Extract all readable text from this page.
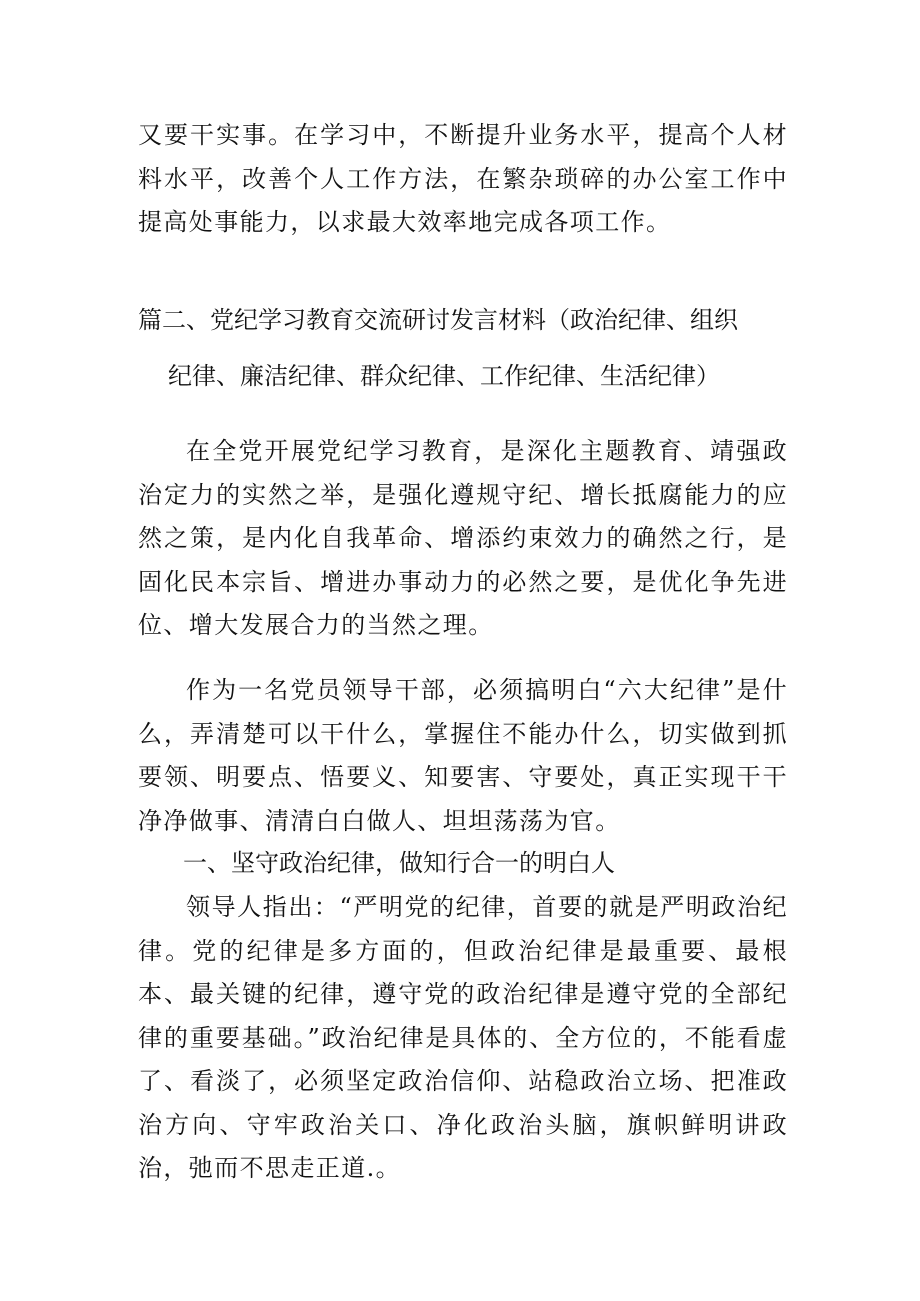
又要干实事。在学习中，不断提升业务水平，提高个人材料水平，改善个人工作方法，在繁杂琐碎的办公室工作中提高处事能力，以求最大效率地完成各项工作。

篇二、党纪学习教育交流研讨发言材料（政治纪律、组织
纪律、廉洁纪律、群众纪律、工作纪律、生活纪律）

在全党开展党纪学习教育，是深化主题教育、靖强政治定力的实然之举，是强化遵规守纪、增长抵腐能力的应然之策，是内化自我革命、增添约束效力的确然之行，是固化民本宗旨、增进办事动力的必然之要，是优化争先进位、增大发展合力的当然之理。

作为一名党员领导干部，必须搞明白“六大纪律”是什么，弄清楚可以干什么，掌握住不能办什么，切实做到抓要领、明要点、悟要义、知要害、守要处，真正实现干干净净做事、清清白白做人、坦坦荡荡为官。

一、坚守政治纪律，做知行合一的明白人

领导人指出：“严明党的纪律，首要的就是严明政治纪律。党的纪律是多方面的，但政治纪律是最重要、最根本、最关键的纪律，遵守党的政治纪律是遵守党的全部纪律的重要基础。”政治纪律是具体的、全方位的，不能看虚了、看淡了，必须坚定政治信仰、站稳政治立场、把准政治方向、守牢政治关口、净化政治头脑，旗帜鲜明讲政治，弛而不思走正道.。
